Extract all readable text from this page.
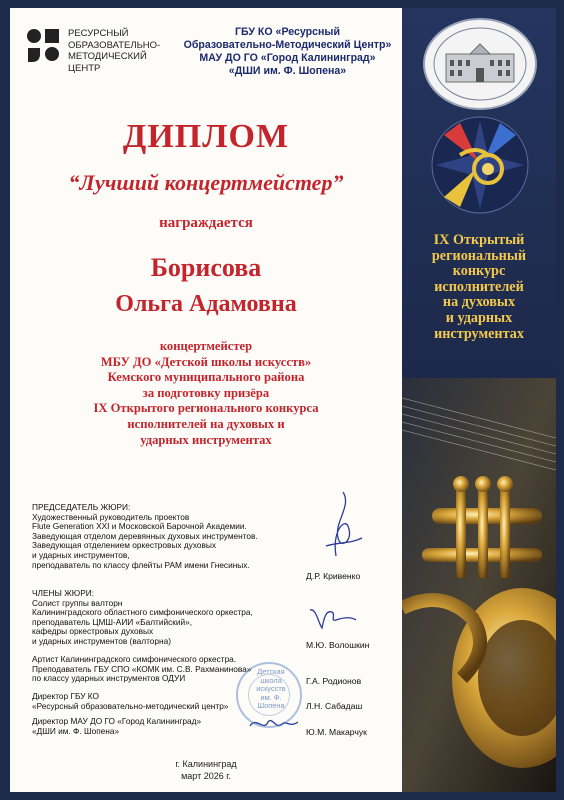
РЕСУРСНЫЙ
ОБРАЗОВАТЕЛЬНО-
МЕТОДИЧЕСКИЙ
ЦЕНТР
ГБУ КО «Ресурсный
Образовательно-Методический Центр»
МАУ ДО ГО «Город Калининград»
«ДШИ им. Ф. Шопена»
ДИПЛОМ
“Лучший концертмейстер”
награждается
Борисова
Ольга Адамовна
концертмейстер
МБУ ДО «Детской школы искусств»
Кемского муниципального района
за подготовку призёра
IX Открытого регионального конкурса
исполнителей на духовых и
ударных инструментах
ПРЕДСЕДАТЕЛЬ ЖЮРИ:
Художественный руководитель проектов
Flute Generation XXI и Московской Барочной Академии.
Заведующая отделом деревянных духовых инструментов.
Заведующая отделением оркестровых духовых
и ударных инструментов,
преподаватель по классу флейты РАМ имени Гнесиных.
Д.Р. Кривенко
ЧЛЕНЫ ЖЮРИ:
Солист группы валторн
Калининградского областного симфонического оркестра,
преподаватель ЦМШ-АИИ «Балтийский»,
кафедры оркестровых духовых
и ударных инструментов (валторна)	М.Ю. Волошкин
Артист Калининградского симфонического оркестра.
Преподаватель ГБУ СПО «КОМК им. С.В. Рахманинова»
по классу ударных инструментов ОДУИ	Г.А. Родионов
Директор ГБУ КО
«Ресурсный образовательно-методический центр»	Л.Н. Сабадаш
Директор МАУ ДО ГО «Город Калининград»
«ДШИ им. Ф. Шопена»	Ю.М. Макарчук
Детская школа
искусств
им. Ф. Шопена
г. Калининград
март 2026 г.
IX Открытый
региональный
конкурс
исполнителей
на духовых
и ударных
инструментах
